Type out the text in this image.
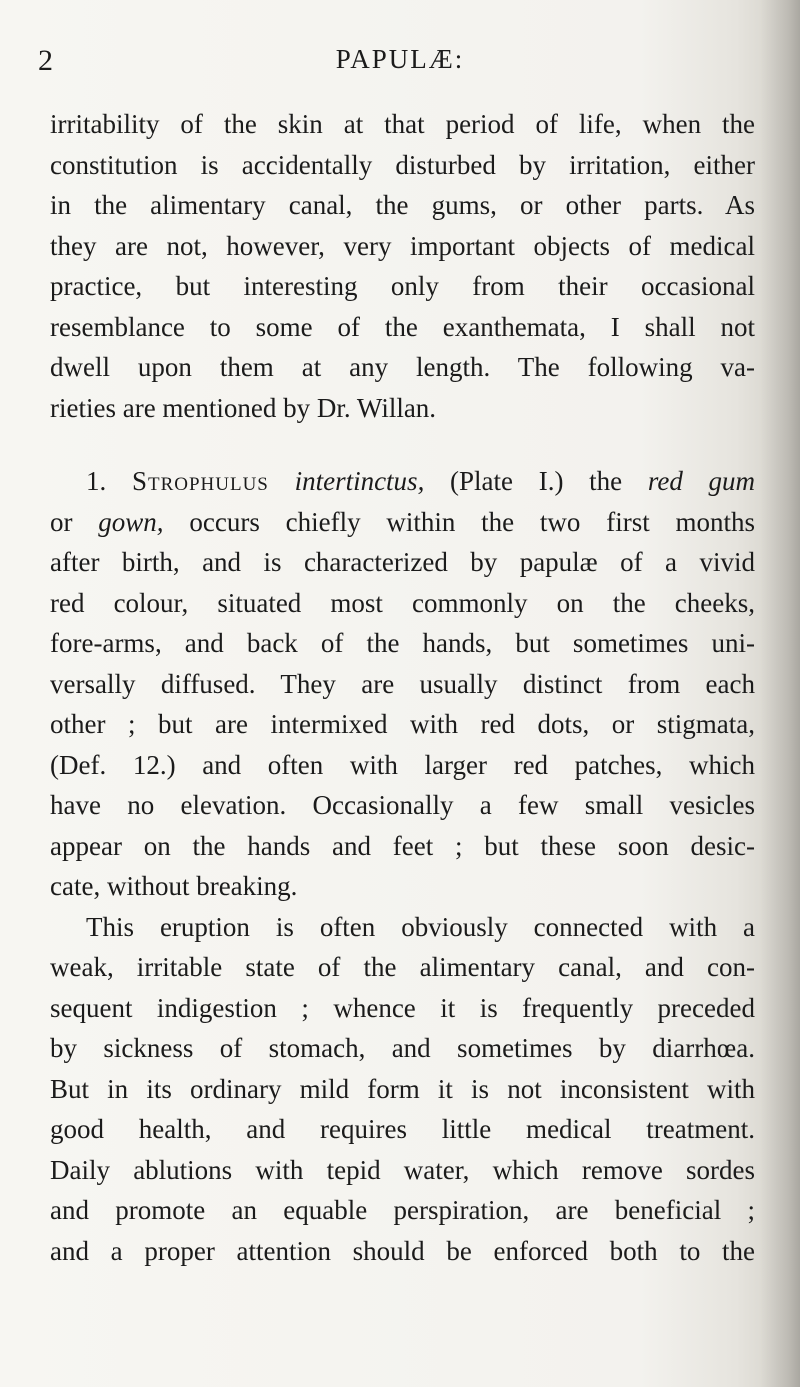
2	PAPULÆ:
irritability of the skin at that period of life, when the
constitution is accidentally disturbed by irritation, either
in the alimentary canal, the gums, or other parts. As
they are not, however, very important objects of medical
practice, but interesting only from their occasional
resemblance to some of the exanthemata, I shall not
dwell upon them at any length. The following va-
rieties are mentioned by Dr. Willan.
1. Strophulus intertinctus, (Plate I.) the red gum
or gown, occurs chiefly within the two first months
after birth, and is characterized by papulæ of a vivid
red colour, situated most commonly on the cheeks,
fore-arms, and back of the hands, but sometimes uni-
versally diffused. They are usually distinct from each
other ; but are intermixed with red dots, or stigmata,
(Def. 12.) and often with larger red patches, which
have no elevation. Occasionally a few small vesicles
appear on the hands and feet ; but these soon desic-
cate, without breaking.
This eruption is often obviously connected with a
weak, irritable state of the alimentary canal, and con-
sequent indigestion ; whence it is frequently preceded
by sickness of stomach, and sometimes by diarrhœa.
But in its ordinary mild form it is not inconsistent with
good health, and requires little medical treatment.
Daily ablutions with tepid water, which remove sordes
and promote an equable perspiration, are beneficial ;
and a proper attention should be enforced both to the
